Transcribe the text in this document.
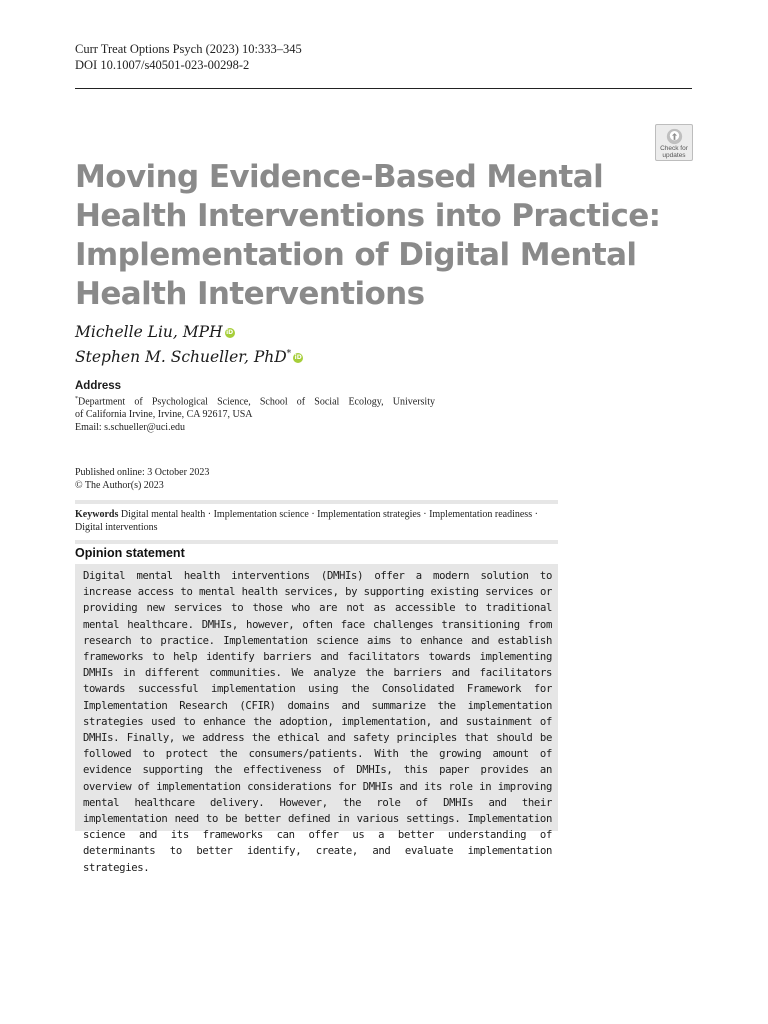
Curr Treat Options Psych (2023) 10:333–345
DOI 10.1007/s40501-023-00298-2
Check for
updates
Moving Evidence-Based Mental
Health Interventions into Practice:
Implementation of Digital Mental
Health Interventions
Michelle Liu, MPH iD
Stephen M. Schueller, PhD* iD
Address
*Department of Psychological Science, School of Social Ecology, University
of California Irvine, Irvine, CA 92617, USA
Email: s.schueller@uci.edu
Published online: 3 October 2023
© The Author(s) 2023
Keywords Digital mental health · Implementation science · Implementation strategies · Implementation readiness · Digital interventions
Opinion statement

Digital mental health interventions (DMHIs) offer a modern solution to increase access to mental health services, by supporting existing services or providing new services to those who are not as accessible to traditional mental healthcare. DMHIs, however, often face challenges transitioning from research to practice. Implementation science aims to enhance and establish frameworks to help identify barriers and facilitators towards implementing DMHIs in different communities. We analyze the barriers and facilitators towards successful implementation using the Consolidated Framework for Implementation Research (CFIR) domains and summarize the implementation strategies used to enhance the adoption, implementation, and sustainment of DMHIs. Finally, we address the ethical and safety principles that should be followed to protect the consumers/patients. With the growing amount of evidence supporting the effectiveness of DMHIs, this paper provides an overview of implementation considerations for DMHIs and its role in improving mental healthcare delivery. However, the role of DMHIs and their implementation need to be better defined in various settings. Implementation science and its frameworks can offer us a better understanding of determinants to better identify, create, and evaluate implementation strategies.
